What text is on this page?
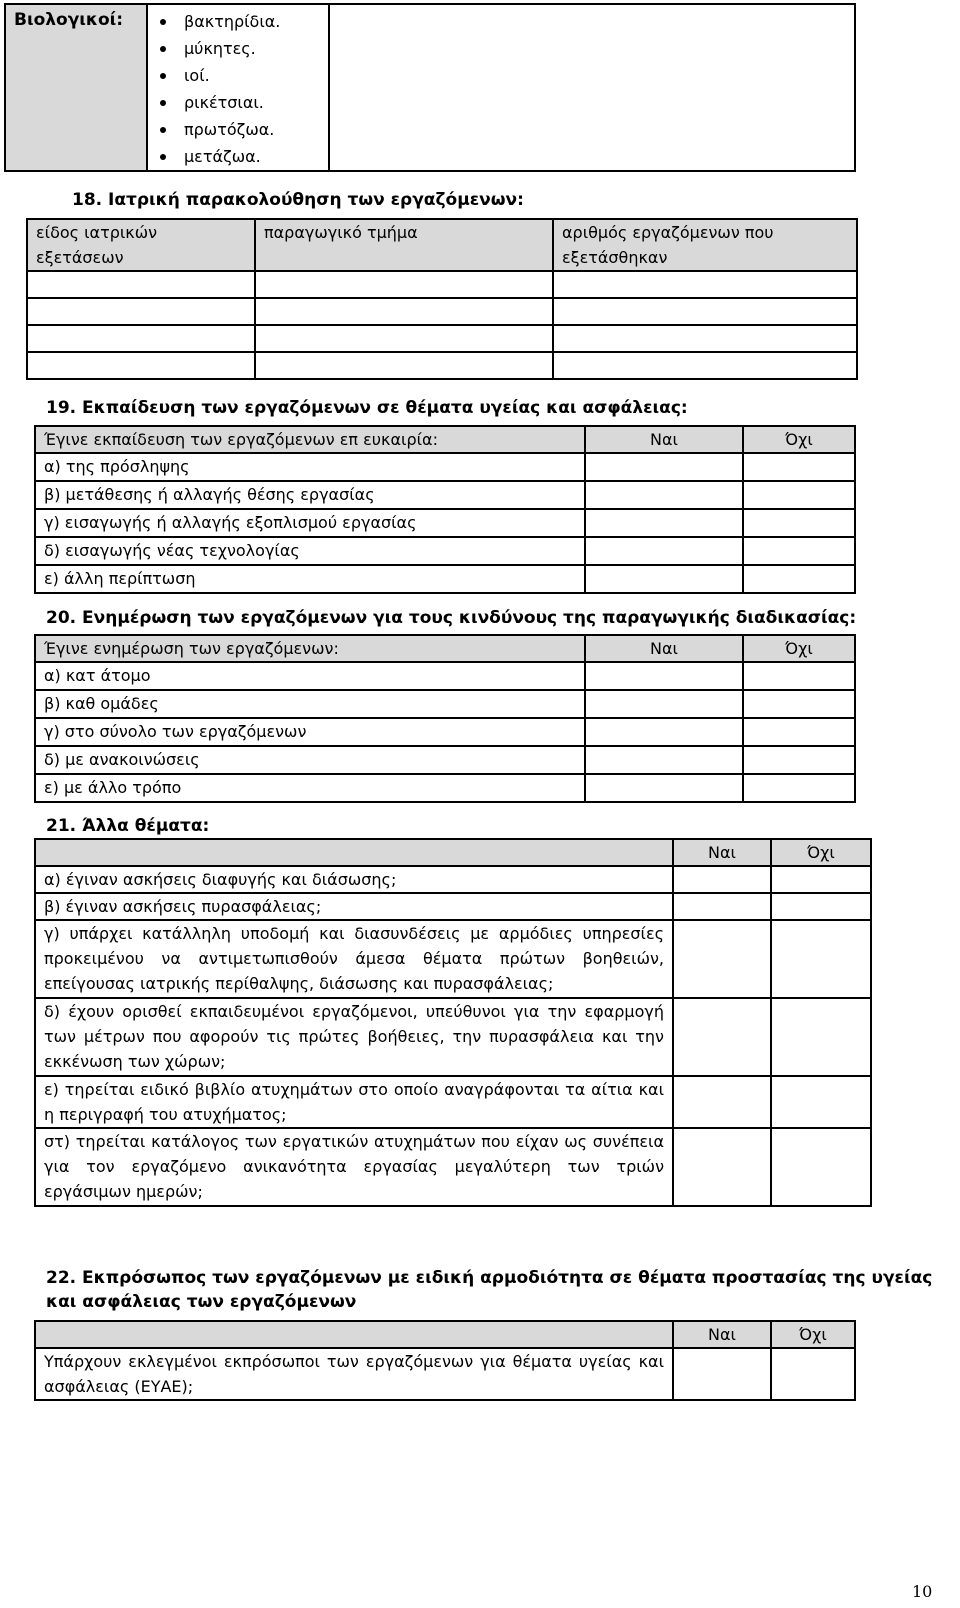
Βιολογικοί:	βακτηρίδια.
μύκητες.
ιοί.
ρικέτσιαι.
πρωτόζωα.
μετάζωα.

18. Ιατρική παρακολούθηση των εργαζόμενων:
είδος ιατρικών εξετάσεων	παραγωγικό τμήμα	αριθμός εργαζόμενων που εξετάσθηκαν

19. Εκπαίδευση των εργαζόμενων σε θέματα υγείας και ασφάλειας:
Έγινε εκπαίδευση των εργαζόμενων επ ευκαιρία:	Ναι	Όχι
α) της πρόσληψης		
β) μετάθεσης ή αλλαγής θέσης εργασίας		
γ) εισαγωγής ή αλλαγής εξοπλισμού εργασίας		
δ) εισαγωγής νέας τεχνολογίας		
ε) άλλη περίπτωση		
20. Ενημέρωση των εργαζόμενων για τους κινδύνους της παραγωγικής διαδικασίας:
Έγινε ενημέρωση των εργαζόμενων:	Ναι	Όχι
α) κατ άτομο		
β) καθ ομάδες		
γ) στο σύνολο των εργαζόμενων		
δ) με ανακοινώσεις		
ε) με άλλο τρόπο		
21. Άλλα θέματα:
	Ναι	Όχι
α) έγιναν ασκήσεις διαφυγής και διάσωσης;		
β) έγιναν ασκήσεις πυρασφάλειας;		
γ) υπάρχει κατάλληλη υποδομή και διασυνδέσεις με αρμόδιες υπηρεσίες προκειμένου να αντιμετωπισθούν άμεσα θέματα πρώτων βοηθειών, επείγουσας ιατρικής περίθαλψης, διάσωσης και πυρασφάλειας;		
δ) έχουν ορισθεί εκπαιδευμένοι εργαζόμενοι, υπεύθυνοι για την εφαρμογή των μέτρων που αφορούν τις πρώτες βοήθειες, την πυρασφάλεια και την εκκένωση των χώρων;		
ε) τηρείται ειδικό βιβλίο ατυχημάτων στο οποίο αναγράφονται τα αίτια και η περιγραφή του ατυχήματος;		
στ) τηρείται κατάλογος των εργατικών ατυχημάτων που είχαν ως συνέπεια για τον εργαζόμενο ανικανότητα εργασίας μεγαλύτερη των τριών εργάσιμων ημερών;		
22. Εκπρόσωπος των εργαζόμενων με ειδική αρμοδιότητα σε θέματα προστασίας της υγείας και ασφάλειας των εργαζόμενων
	Ναι	Όχι
Υπάρχουν εκλεγμένοι εκπρόσωποι των εργαζόμενων για θέματα υγείας και ασφάλειας (ΕΥΑΕ);		
10
